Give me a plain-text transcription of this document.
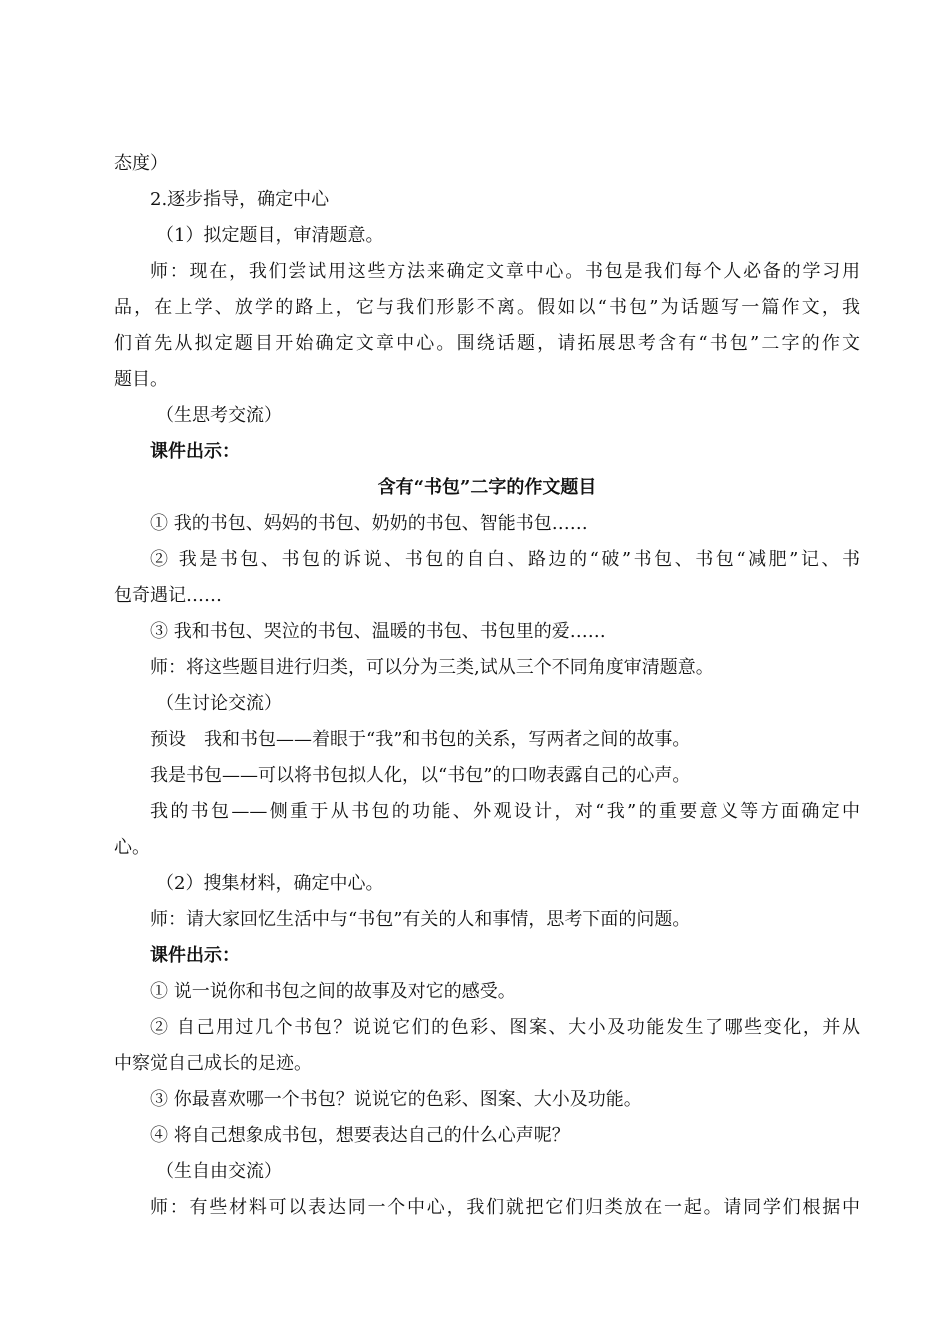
态度）
2.逐步指导，确定中心
（1）拟定题目，审清题意。
师：现在，我们尝试用这些方法来确定文章中心。书包是我们每个人必备的学习用
品，在上学、放学的路上，它与我们形影不离。假如以“书包”为话题写一篇作文，我
们首先从拟定题目开始确定文章中心。围绕话题，请拓展思考含有“书包”二字的作文
题目。
（生思考交流）
课件出示：
含有“书包”二字的作文题目
① 我的书包、妈妈的书包、奶奶的书包、智能书包……
② 我是书包、书包的诉说、书包的自白、路边的“破”书包、书包“减肥”记、书
包奇遇记……
③ 我和书包、哭泣的书包、温暖的书包、书包里的爱……
师：将这些题目进行归类，可以分为三类,试从三个不同角度审清题意。
（生讨论交流）
预设　我和书包——着眼于“我”和书包的关系，写两者之间的故事。
我是书包——可以将书包拟人化，以“书包”的口吻表露自己的心声。
我的书包——侧重于从书包的功能、外观设计，对“我”的重要意义等方面确定中
心。
（2）搜集材料，确定中心。
师：请大家回忆生活中与“书包”有关的人和事情，思考下面的问题。
课件出示：
① 说一说你和书包之间的故事及对它的感受。
② 自己用过几个书包？说说它们的色彩、图案、大小及功能发生了哪些变化，并从
中察觉自己成长的足迹。
③ 你最喜欢哪一个书包？说说它的色彩、图案、大小及功能。
④ 将自己想象成书包，想要表达自己的什么心声呢？
（生自由交流）
师：有些材料可以表达同一个中心，我们就把它们归类放在一起。请同学们根据中
